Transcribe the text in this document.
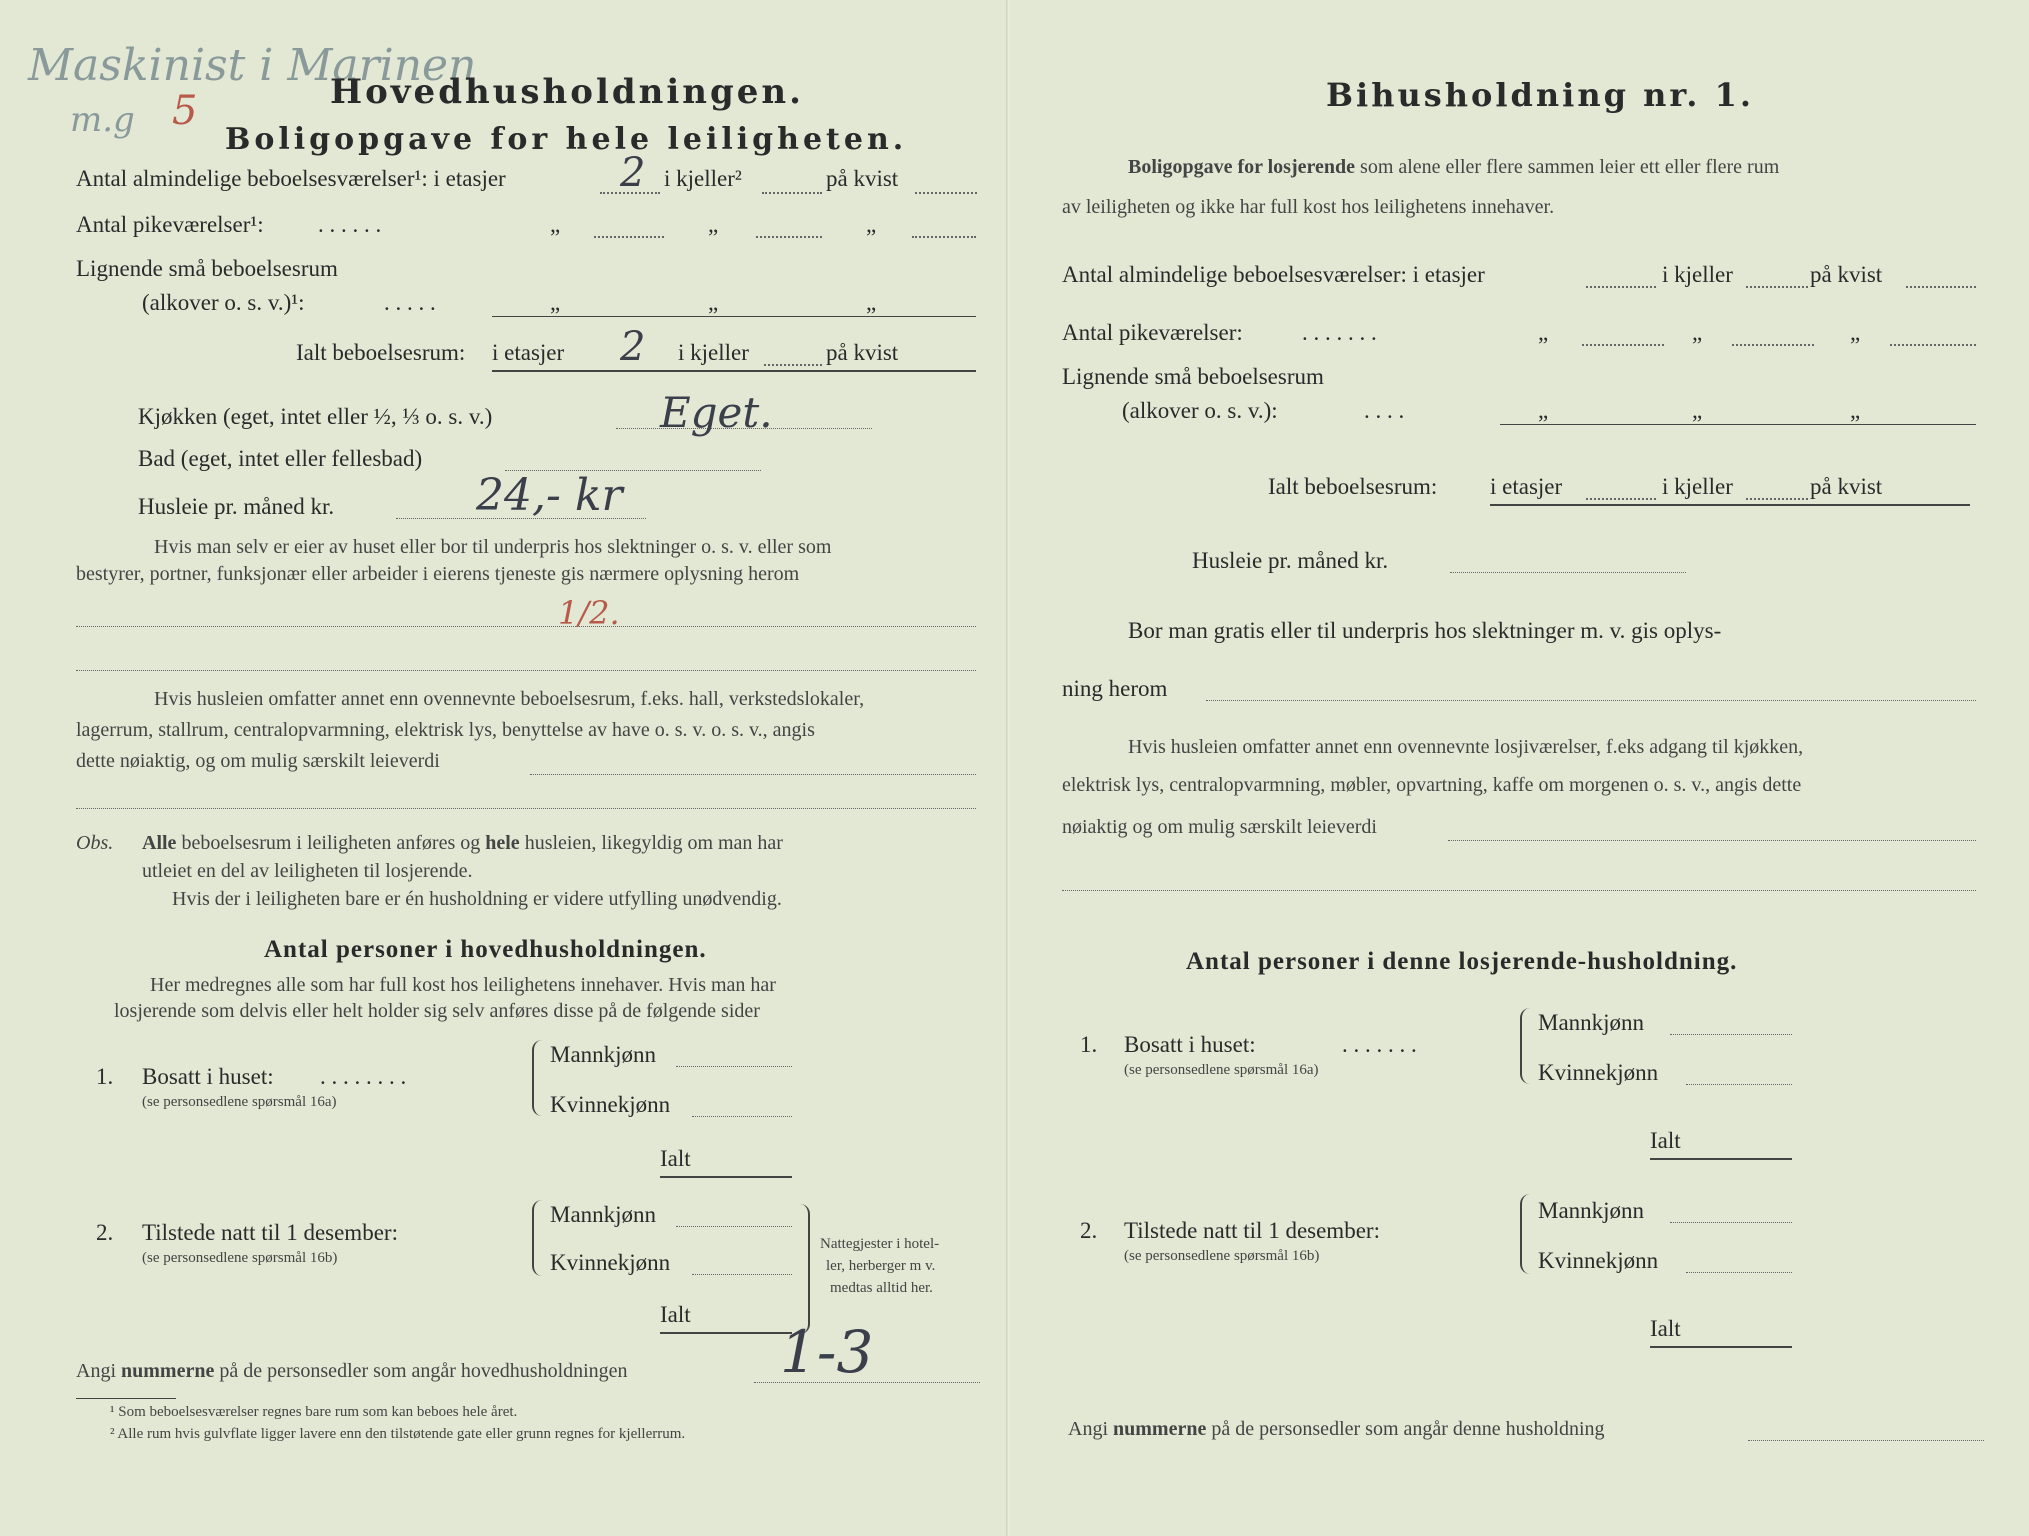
Maskinist i Marinen
m.g 5	Hovedhusholdningen.
Boligopgave for hele leiligheten.
Antal almindelige beboelsesværelser¹: i etasjer	2 i kjeller²	på kvist
Antal pikeværelser¹: . . . . . .	„	„	„
Lignende små beboelsesrum
(alkover o. s. v.)¹:	. . . . .	„	„	„
Ialt beboelsesrum: i etasjer 2 i kjeller	på kvist
Kjøkken (eget, intet eller ½, ⅓ o. s. v.)	Eget.
Bad (eget, intet eller fellesbad)
Husleie pr. måned kr.	24,- kr
Hvis man selv er eier av huset eller bor til underpris hos slektninger o. s. v. eller som
bestyrer, portner, funksjonær eller arbeider i eierens tjeneste gis nærmere oplysning herom
1/2.
Hvis husleien omfatter annet enn ovennevnte beboelsesrum, f.eks. hall, verkstedslokaler,
lagerrum, stallrum, centralopvarmning, elektrisk lys, benyttelse av have o. s. v. o. s. v., angis
dette nøiaktig, og om mulig særskilt leieverdi
Obs. Alle beboelsesrum i leiligheten anføres og hele husleien, likegyldig om man har
utleiet en del av leiligheten til losjerende.
Hvis der i leiligheten bare er én husholdning er videre utfylling unødvendig.
Antal personer i hovedhusholdningen.
Her medregnes alle som har full kost hos leilighetens innehaver. Hvis man har
losjerende som delvis eller helt holder sig selv anføres disse på de følgende sider
1. Bosatt i huset: . . . . . . . .
(se personsedlene spørsmål 16a)
Mannkjønn
Kvinnekjønn
Ialt
2. Tilstede natt til 1 desember:
(se personsedlene spørsmål 16b)
Mannkjønn
Kvinnekjønn
Ialt
Nattegjester i hotel-
ler, herberger m v.
medtas alltid her.
Angi nummerne på de personsedler som angår hovedhusholdningen	1-3
¹ Som beboelsesværelser regnes bare rum som kan beboes hele året.
² Alle rum hvis gulvflate ligger lavere enn den tilstøtende gate eller grunn regnes for kjellerrum.
Bihusholdning nr. 1.
Boligopgave for losjerende som alene eller flere sammen leier ett eller flere rum
av leiligheten og ikke har full kost hos leilighetens innehaver.
Antal almindelige beboelsesværelser: i etasjer	i kjeller	på kvist
Antal pikeværelser:	. . . . . . .	„	„	„
Lignende små beboelsesrum
(alkover o. s. v.):	. . . .	„	„	„
Ialt beboelsesrum: i etasjer	i kjeller	på kvist
Husleie pr. måned kr.
Bor man gratis eller til underpris hos slektninger m. v. gis oplys-
ning herom
Hvis husleien omfatter annet enn ovennevnte losjiværelser, f.eks adgang til kjøkken,
elektrisk lys, centralopvarmning, møbler, opvartning, kaffe om morgenen o. s. v., angis dette
nøiaktig og om mulig særskilt leieverdi
Antal personer i denne losjerende-husholdning.
1. Bosatt i huset:	. . . . . . .
(se personsedlene spørsmål 16a)
Mannkjønn
Kvinnekjønn
Ialt
2. Tilstede natt til 1 desember:
(se personsedlene spørsmål 16b)
Mannkjønn
Kvinnekjønn
Ialt
Angi nummerne på de personsedler som angår denne husholdning
